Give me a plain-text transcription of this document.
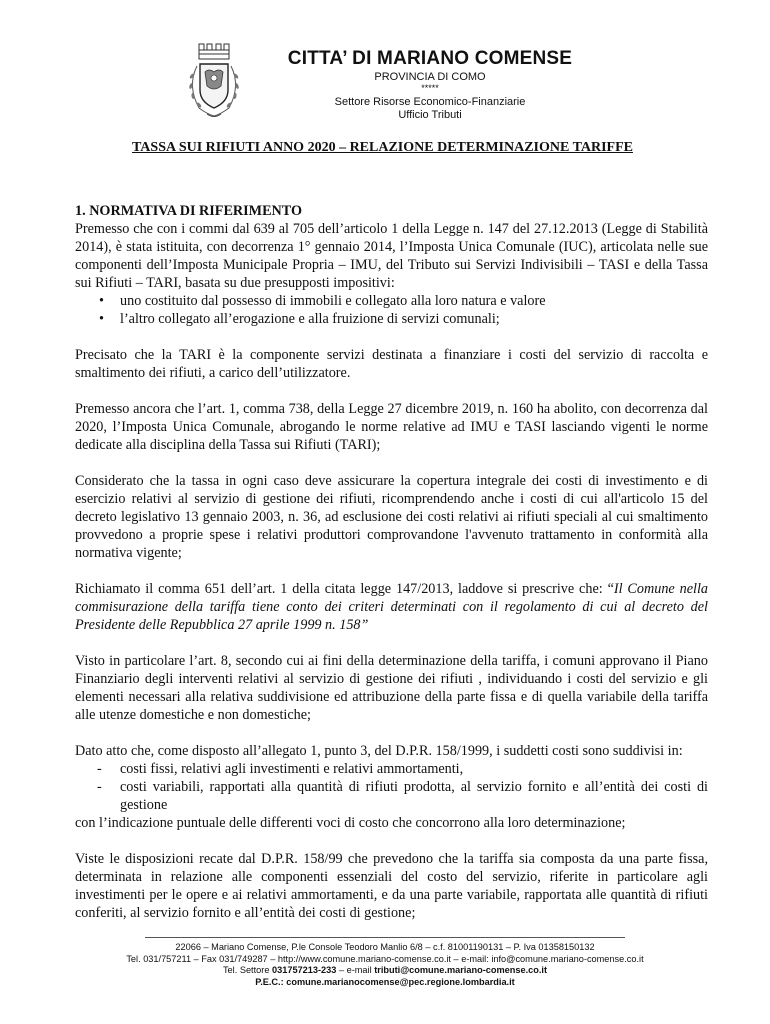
CITTA’ DI MARIANO COMENSE
PROVINCIA DI COMO
*****
Settore Risorse Economico-Finanziarie
Ufficio Tributi
TASSA SUI RIFIUTI ANNO 2020 – RELAZIONE DETERMINAZIONE TARIFFE
1. NORMATIVA DI RIFERIMENTO

Premesso che con i commi dal 639 al 705 dell’articolo 1 della Legge n. 147 del 27.12.2013 (Legge di Stabilità 2014), è stata istituita, con decorrenza 1° gennaio 2014, l’Imposta Unica Comunale (IUC), articolata nelle sue componenti dell’Imposta Municipale Propria – IMU, del Tributo sui Servizi Indivisibili – TASI e della Tassa sui Rifiuti – TARI, basata su due presupposti impositivi:

• uno costituito dal possesso di immobili e collegato alla loro natura e valore
• l’altro collegato all’erogazione e alla fruizione di servizi comunali;

Precisato che la TARI è la componente servizi destinata a finanziare i costi del servizio di raccolta e smaltimento dei rifiuti, a carico dell’utilizzatore.

Premesso ancora che l’art. 1, comma 738, della Legge 27 dicembre 2019, n. 160 ha abolito, con decorrenza dal 2020, l’Imposta Unica Comunale, abrogando le norme relative ad IMU e TASI lasciando vigenti le norme dedicate alla disciplina della Tassa sui Rifiuti (TARI);

Considerato che la tassa in ogni caso deve assicurare la copertura integrale dei costi di investimento e di esercizio relativi al servizio di gestione dei rifiuti, ricomprendendo anche i costi di cui all'articolo 15 del decreto legislativo 13 gennaio 2003, n. 36, ad esclusione dei costi relativi ai rifiuti speciali al cui smaltimento provvedono a proprie spese i relativi produttori comprovandone l'avvenuto trattamento in conformità alla normativa vigente;

Richiamato il comma 651 dell’art. 1 della citata legge 147/2013, laddove si prescrive che: “Il Comune nella commisurazione della tariffa tiene conto dei criteri determinati con il regolamento di cui al decreto del Presidente delle Repubblica 27 aprile 1999 n. 158”

Visto in particolare l’art. 8, secondo cui ai fini della determinazione della tariffa, i comuni approvano il Piano Finanziario degli interventi relativi al servizio di gestione dei rifiuti , individuando i costi del servizio e gli elementi necessari alla relativa suddivisione ed attribuzione della parte fissa e di quella variabile della tariffa alle utenze domestiche e non domestiche;

Dato atto che, come disposto all’allegato 1, punto 3, del D.P.R. 158/1999, i suddetti costi sono suddivisi in:

- costi fissi, relativi agli investimenti e relativi ammortamenti,
- costi variabili, rapportati alla quantità di rifiuti prodotta, al servizio fornito e all’entità dei costi di gestione

con l’indicazione puntuale delle differenti voci di costo che concorrono alla loro determinazione;

Viste le disposizioni recate dal D.P.R. 158/99 che prevedono che la tariffa sia composta da una parte fissa, determinata in relazione alle componenti essenziali del costo del servizio, riferite in particolare agli investimenti per le opere e ai relativi ammortamenti, e da una parte variabile, rapportata alle quantità di rifiuti conferiti, al servizio fornito e all’entità dei costi di gestione;

22066 – Mariano Comense, P.le Console Teodoro Manlio 6/8 – c.f. 81001190131 – P. Iva 01358150132
Tel. 031/757211 – Fax 031/749287 – http://www.comune.mariano-comense.co.it – e-mail: info@comune.mariano-comense.co.it
Tel. Settore 031757213-233 – e-mail tributi@comune.mariano-comense.co.it
P.E.C.: comune.marianocomense@pec.regione.lombardia.it
